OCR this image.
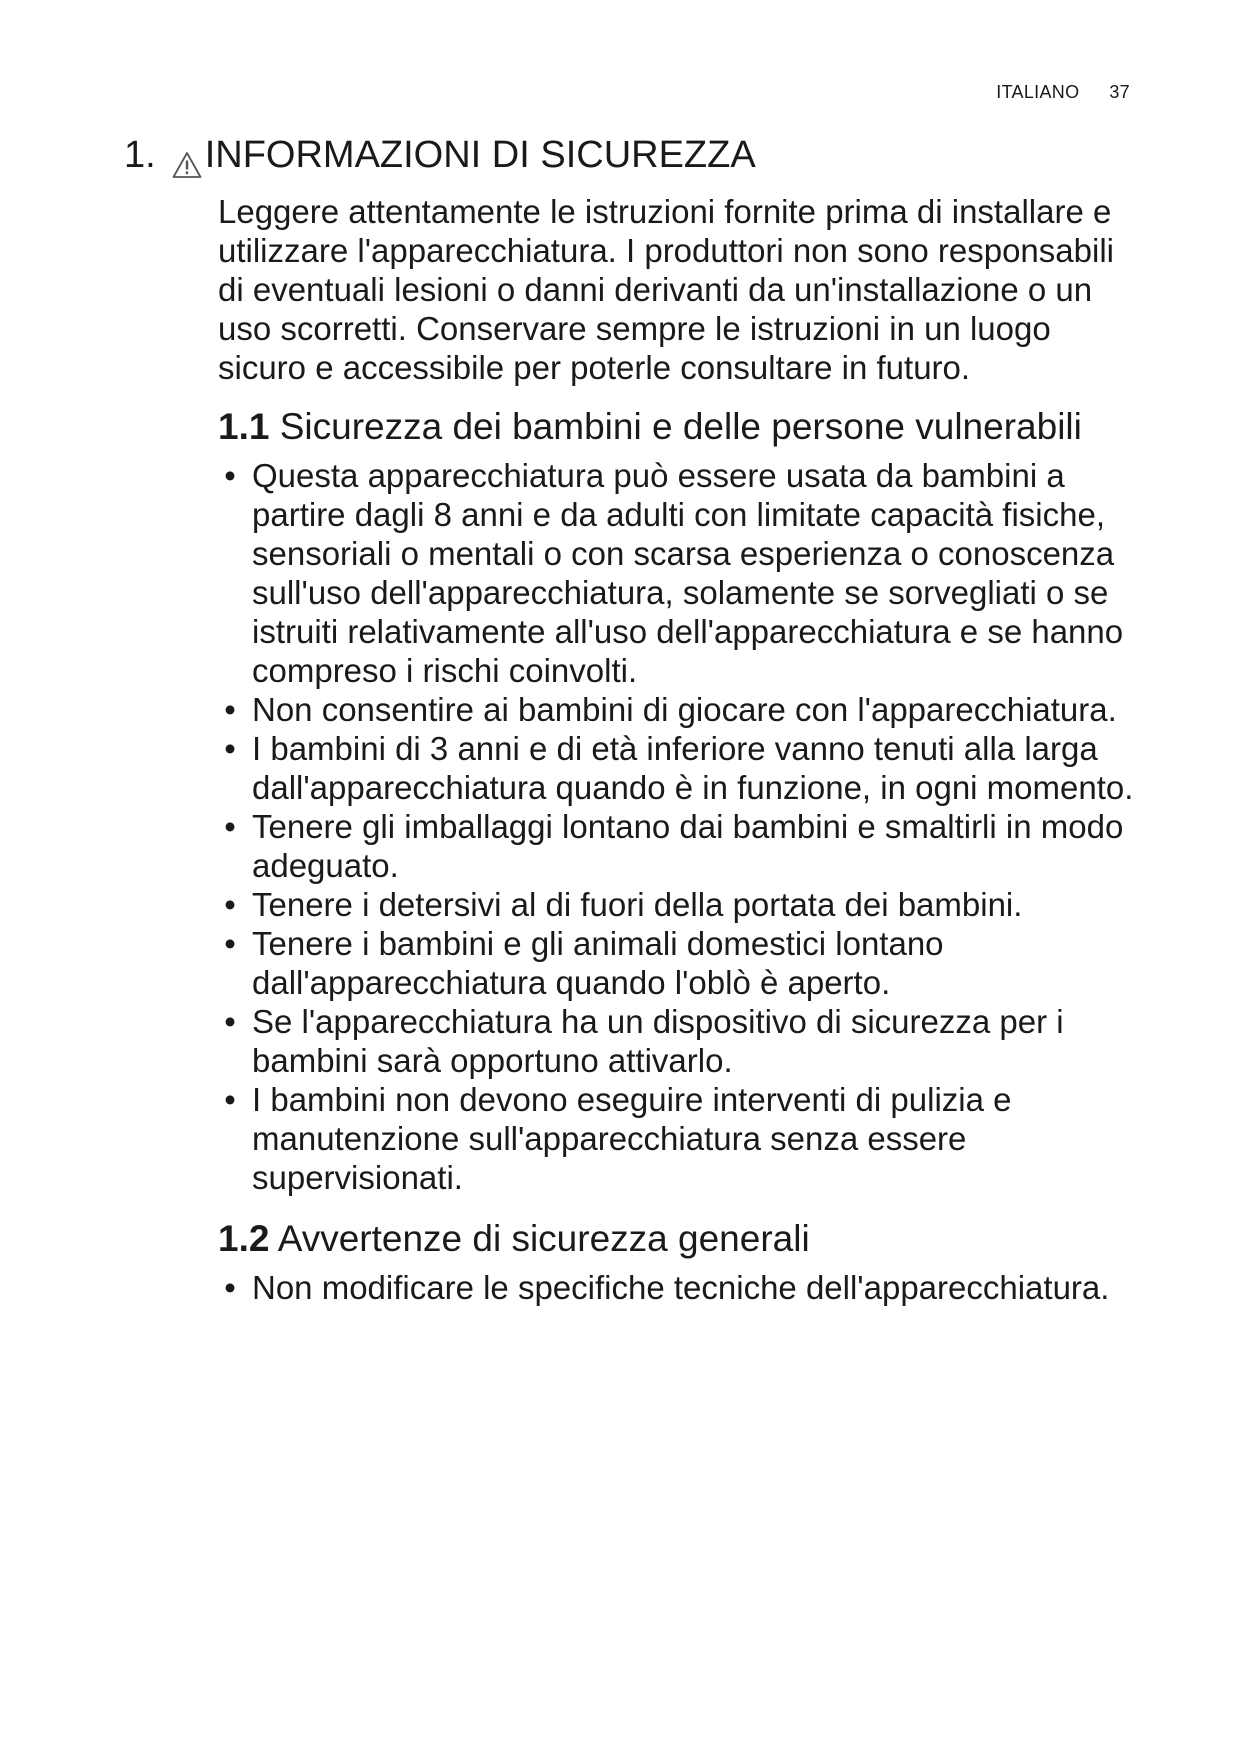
ITALIANO 37
1. INFORMAZIONI DI SICUREZZA

Leggere attentamente le istruzioni fornite prima di installare e utilizzare l'apparecchiatura. I produttori non sono responsabili di eventuali lesioni o danni derivanti da un'installazione o un uso scorretti. Conservare sempre le istruzioni in un luogo sicuro e accessibile per poterle consultare in futuro.

1.1 Sicurezza dei bambini e delle persone vulnerabili
• Questa apparecchiatura può essere usata da bambini a partire dagli 8 anni e da adulti con limitate capacità fisiche, sensoriali o mentali o con scarsa esperienza o conoscenza sull'uso dell'apparecchiatura, solamente se sorvegliati o se istruiti relativamente all'uso dell'apparecchiatura e se hanno compreso i rischi coinvolti.
• Non consentire ai bambini di giocare con l'apparecchiatura.
• I bambini di 3 anni e di età inferiore vanno tenuti alla larga dall'apparecchiatura quando è in funzione, in ogni momento.
• Tenere gli imballaggi lontano dai bambini e smaltirli in modo adeguato.
• Tenere i detersivi al di fuori della portata dei bambini.
• Tenere i bambini e gli animali domestici lontano dall'apparecchiatura quando l'oblò è aperto.
• Se l'apparecchiatura ha un dispositivo di sicurezza per i bambini sarà opportuno attivarlo.
• I bambini non devono eseguire interventi di pulizia e manutenzione sull'apparecchiatura senza essere supervisionati.
1.2 Avvertenze di sicurezza generali
• Non modificare le specifiche tecniche dell'apparecchiatura.
